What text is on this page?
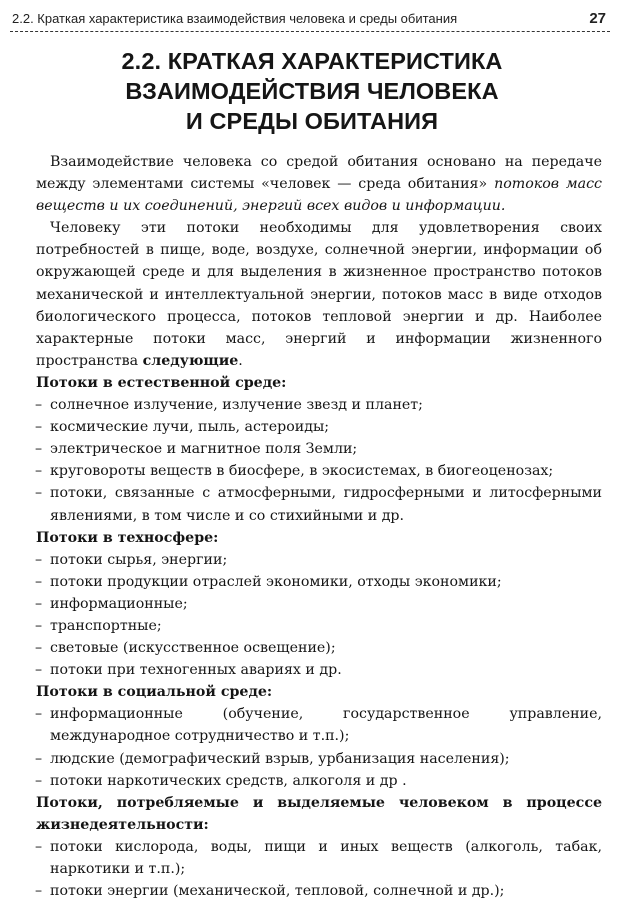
2.2. Краткая характеристика взаимодействия человека и среды обитания	27
2.2. КРАТКАЯ ХАРАКТЕРИСТИКА
ВЗАИМОДЕЙСТВИЯ ЧЕЛОВЕКА
И СРЕДЫ ОБИТАНИЯ

Взаимодействие человека со средой обитания основано на передаче между элементами системы «человек — среда обитания» потоков масс веществ и их соединений, энергий всех видов и информации.

Человеку эти потоки необходимы для удовлетворения своих потребностей в пище, воде, воздухе, солнечной энергии, информации об окружающей среде и для выделения в жизненное пространство потоков механической и интеллектуальной энергии, потоков масс в виде отходов биологического процесса, потоков тепловой энергии и др. Наиболее характерные потоки масс, энергий и информации жизненного пространства следующие.

Потоки в естественной среде:

– солнечное излучение, излучение звезд и планет;

– космические лучи, пыль, астероиды;

– электрическое и магнитное поля Земли;

– круговороты веществ в биосфере, в экосистемах, в биогеоценозах;

– потоки, связанные с атмосферными, гидросферными и литосферными явлениями, в том числе и со стихийными и др.

Потоки в техносфере:

– потоки сырья, энергии;

– потоки продукции отраслей экономики, отходы экономики;

– информационные;

– транспортные;

– световые (искусственное освещение);

– потоки при техногенных авариях и др.

Потоки в социальной среде:

– информационные (обучение, государственное управление, международное сотрудничество и т.п.);

– людские (демографический взрыв, урбанизация населения);

– потоки наркотических средств, алкоголя и др .

Потоки, потребляемые и выделяемые человеком в процессе жизнедеятельности:

– потоки кислорода, воды, пищи и иных веществ (алкоголь, табак, наркотики и т.п.);

– потоки энергии (механической, тепловой, солнечной и др.);
